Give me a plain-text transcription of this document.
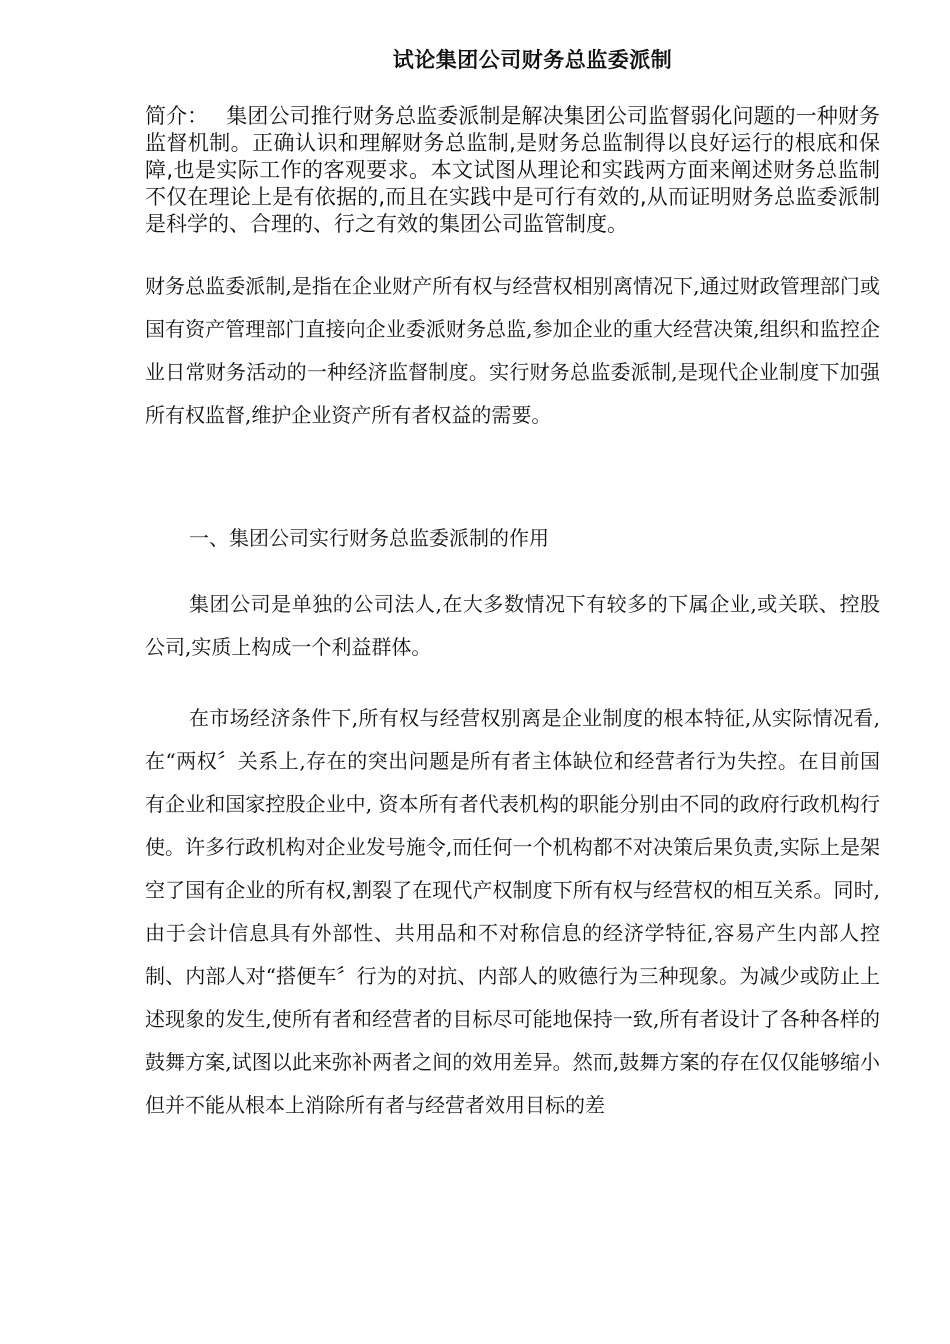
试论集团公司财务总监委派制

简介： 集团公司推行财务总监委派制是解决集团公司监督弱化问题的一种财务监督机制。正确认识和理解财务总监制,是财务总监制得以良好运行的根底和保障,也是实际工作的客观要求。本文试图从理论和实践两方面来阐述财务总监制不仅在理论上是有依据的,而且在实践中是可行有效的,从而证明财务总监委派制是科学的、合理的、行之有效的集团公司监管制度。

财务总监委派制,是指在企业财产所有权与经营权相别离情况下,通过财政管理部门或国有资产管理部门直接向企业委派财务总监,参加企业的重大经营决策,组织和监控企业日常财务活动的一种经济监督制度。实行财务总监委派制,是现代企业制度下加强所有权监督,维护企业资产所有者权益的需要。

一、集团公司实行财务总监委派制的作用

集团公司是单独的公司法人,在大多数情况下有较多的下属企业,或关联、控股公司,实质上构成一个利益群体。

在市场经济条件下,所有权与经营权别离是企业制度的根本特征,从实际情况看,在“两权〞关系上,存在的突出问题是所有者主体缺位和经营者行为失控。在目前国有企业和国家控股企业中, 资本所有者代表机构的职能分别由不同的政府行政机构行使。许多行政机构对企业发号施令,而任何一个机构都不对决策后果负责,实际上是架空了国有企业的所有权,割裂了在现代产权制度下所有权与经营权的相互关系。同时,由于会计信息具有外部性、共用品和不对称信息的经济学特征,容易产生内部人控制、内部人对“搭便车〞行为的对抗、内部人的败德行为三种现象。为减少或防止上述现象的发生,使所有者和经营者的目标尽可能地保持一致,所有者设计了各种各样的鼓舞方案,试图以此来弥补两者之间的效用差异。然而,鼓舞方案的存在仅仅能够缩小但并不能从根本上消除所有者与经营者效用目标的差
